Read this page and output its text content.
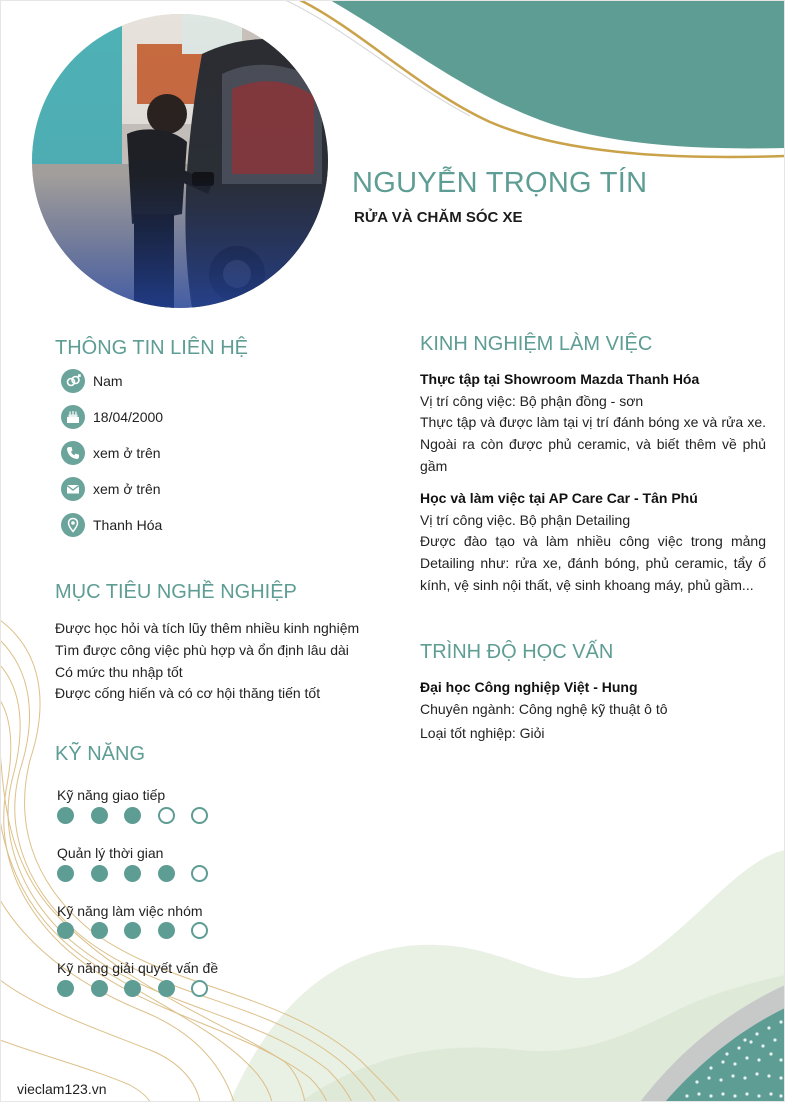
NGUYỄN TRỌNG TÍN
RỬA VÀ CHĂM SÓC XE
THÔNG TIN LIÊN HỆ
Nam
18/04/2000
xem ở trên
xem ở trên
Thanh Hóa
MỤC TIÊU NGHỀ NGHIỆP
Được học hỏi và tích lũy thêm nhiều kinh nghiệm
Tìm được công việc phù hợp và ổn định lâu dài
Có mức thu nhập tốt
Được cống hiến và có cơ hội thăng tiến tốt
KỸ NĂNG
Kỹ năng giao tiếp
Quản lý thời gian
Kỹ năng làm việc nhóm
Kỹ năng giải quyết vấn đề
KINH NGHIỆM LÀM VIỆC
Thực tập tại Showroom Mazda Thanh Hóa
Vị trí công việc: Bộ phận đồng - sơn
Thực tập và được làm tại vị trí đánh bóng xe và rửa xe. Ngoài ra còn được phủ ceramic, và biết thêm về phủ gầm
Học và làm việc tại AP Care Car - Tân Phú
Vị trí công việc. Bộ phận Detailing
Được đào tạo và làm nhiều công việc trong mảng Detailing như: rửa xe, đánh bóng, phủ ceramic, tẩy ố kính, vệ sinh nội thất, vệ sinh khoang máy, phủ gầm...
TRÌNH ĐỘ HỌC VẤN
Đại học Công nghiệp Việt - Hung
Chuyên ngành: Công nghệ kỹ thuật ô tô
Loại tốt nghiệp: Giỏi
vieclam123.vn
